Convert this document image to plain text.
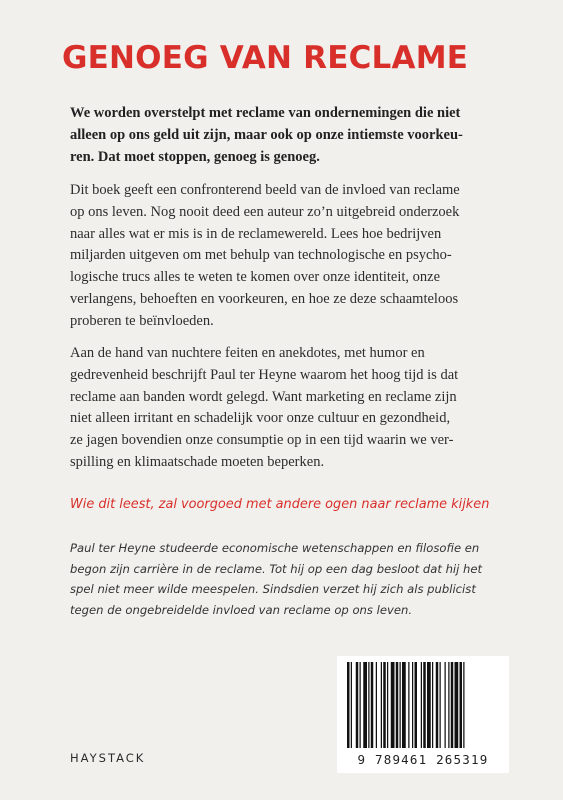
GENOEG VAN RECLAME
We worden overstelpt met reclame van ondernemingen die niet
alleen op ons geld uit zijn, maar ook op onze intiemste voorkeu-
ren. Dat moet stoppen, genoeg is genoeg.
Dit boek geeft een confronterend beeld van de invloed van reclame
op ons leven. Nog nooit deed een auteur zo’n uitgebreid onderzoek
naar alles wat er mis is in de reclamewereld. Lees hoe bedrijven
miljarden uitgeven om met behulp van technologische en psycho-
logische trucs alles te weten te komen over onze identiteit, onze
verlangens, behoeften en voorkeuren, en hoe ze deze schaamteloos
proberen te beïnvloeden.
Aan de hand van nuchtere feiten en anekdotes, met humor en
gedrevenheid beschrijft Paul ter Heyne waarom het hoog tijd is dat
reclame aan banden wordt gelegd. Want marketing en reclame zijn
niet alleen irritant en schadelijk voor onze cultuur en gezondheid,
ze jagen bovendien onze consumptie op in een tijd waarin we ver-
spilling en klimaatschade moeten beperken.

Wie dit leest, zal voorgoed met andere ogen naar reclame kijken

Paul ter Heyne studeerde economische wetenschappen en filosofie en
begon zijn carrière in de reclame. Tot hij op een dag besloot dat hij het
spel niet meer wilde meespelen. Sindsdien verzet hij zich als publicist
tegen de ongebreidelde invloed van reclame op ons leven.
HAYSTACK	9 789461 265319
